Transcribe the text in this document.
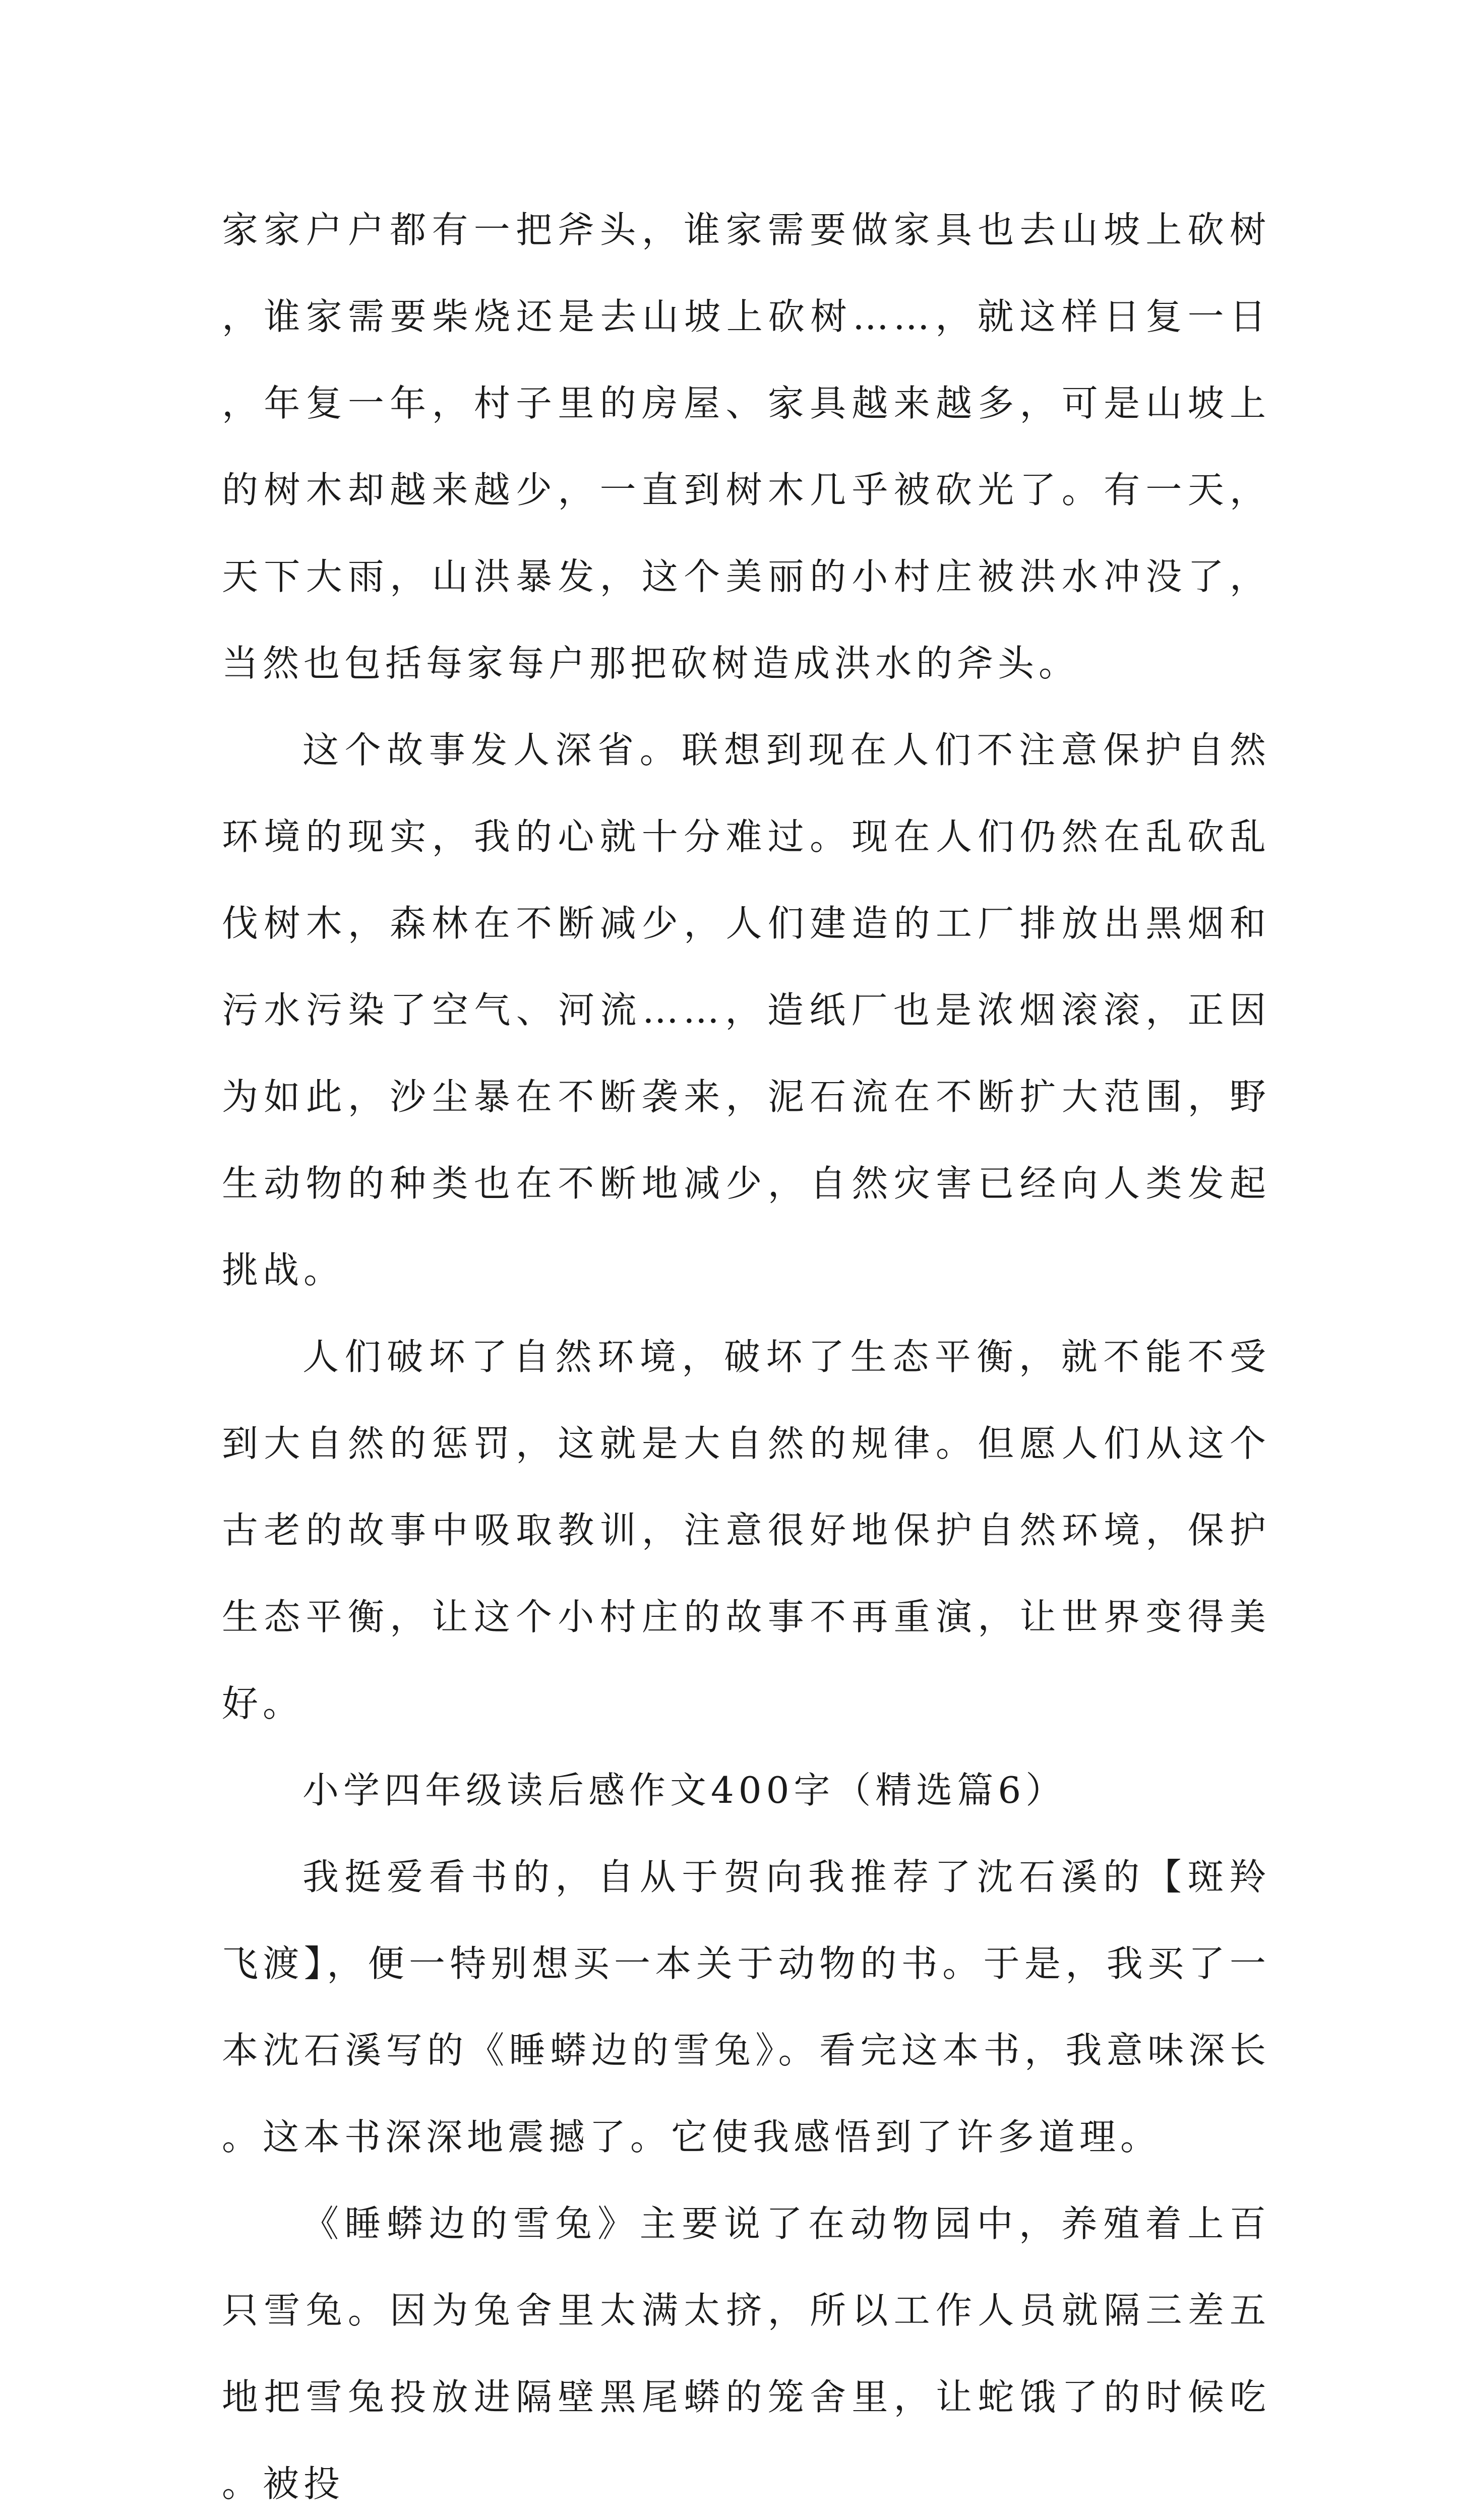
家家户户都有一把斧头，谁家需要做家具也去山坡上砍树，谁家需要柴烧还是去山坡上砍树……，就这样日复一日，年复一年，村子里的房屋、家具越来越多，可是山坡上的树木却越来越少，一直到树木几乎被砍光了。有一天，天下大雨，山洪暴发，这个美丽的小村庄被洪水冲没了，当然也包括每家每户那把砍树造成洪水的斧头。

这个故事发人深省。联想到现在人们不注意保护自然环境的现实，我的心就十分难过。现在人们仍然在乱砍乱伐树木，森林在不断减少，人们建造的工厂排放出黑烟和污水污染了空气、河流……，造纸厂也是浓烟滚滚，正因为如此，沙尘暴在不断袭来，泥石流在不断扩大范围，野生动物的种类也在不断地减少，自然灾害已经向人类发起挑战。

人们破坏了自然环境，破坏了生态平衡，就不能不受到大自然的惩罚，这就是大自然的规律。但愿人们从这个古老的故事中吸取教训，注意很好地保护自然环境，保护生态平衡，让这个小村庄的故事不再重演，让世界变得美好。

小学四年级读后感作文400字（精选篇6）

我挺爱看书的，自从于贺向我推荐了沈石溪的【斑羚飞渡】，便一特别想买一本关于动物的书。于是，我买了一本沈石溪写的《睡蟒边的雪兔》。看完这本书，我意味深长。这本书深深地震撼了。它使我感悟到了许多道理。

《睡蟒边的雪兔》主要说了在动物园中，养殖着上百只雪兔。因为兔舍里太满太挤，所以工作人员就隔三差五地把雪兔投放进隔壁黑尾蟒的笼舍里，让蛇饿了的时候吃。被投
